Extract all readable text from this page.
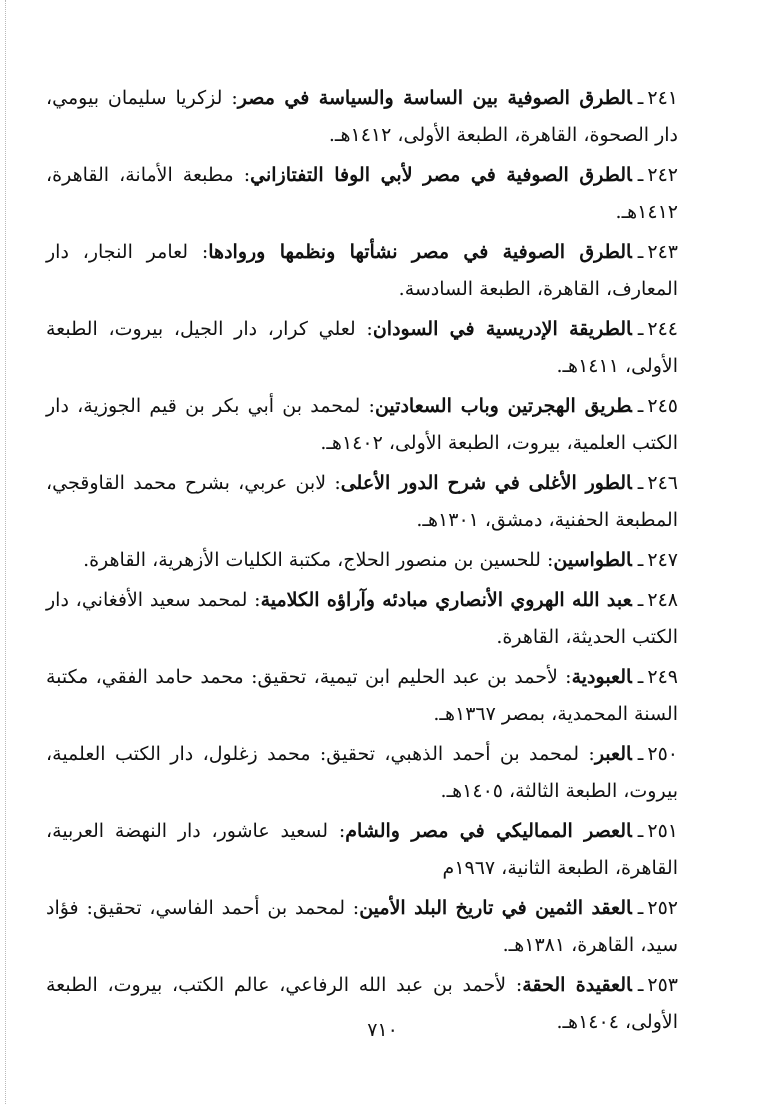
٢٤١ـالطرق الصوفية بين الساسة والسياسة في مصر: لزكريا سليمان بيومي، دار الصحوة، القاهرة، الطبعة الأولى، ١٤١٢هـ.
٢٤٢ـالطرق الصوفية في مصر لأبي الوفا التفتازاني: مطبعة الأمانة، القاهرة، ١٤١٢هـ.
٢٤٣ـالطرق الصوفية في مصر نشأتها ونظمها وروادها: لعامر النجار، دار المعارف، القاهرة، الطبعة السادسة.
٢٤٤ـالطريقة الإدريسية في السودان: لعلي كرار، دار الجيل، بيروت، الطبعة الأولى، ١٤١١هـ.
٢٤٥ـطريق الهجرتين وباب السعادتين: لمحمد بن أبي بكر بن قيم الجوزية، دار الكتب العلمية، بيروت، الطبعة الأولى، ١٤٠٢هـ.
٢٤٦ـالطور الأغلى في شرح الدور الأعلى: لابن عربي، بشرح محمد القاوقجي، المطبعة الحفنية، دمشق، ١٣٠١هـ.
٢٤٧ـالطواسين: للحسين بن منصور الحلاج، مكتبة الكليات الأزهرية، القاهرة.
٢٤٨ـعبد الله الهروي الأنصاري مبادئه وآراؤه الكلامية: لمحمد سعيد الأفغاني، دار الكتب الحديثة، القاهرة.
٢٤٩ـالعبودية: لأحمد بن عبد الحليم ابن تيمية، تحقيق: محمد حامد الفقي، مكتبة السنة المحمدية، بمصر ١٣٦٧هـ.
٢٥٠ـالعبر: لمحمد بن أحمد الذهبي، تحقيق: محمد زغلول، دار الكتب العلمية، بيروت، الطبعة الثالثة، ١٤٠٥هـ.
٢٥١ـالعصر المماليكي في مصر والشام: لسعيد عاشور، دار النهضة العربية، القاهرة، الطبعة الثانية، ١٩٦٧م
٢٥٢ـالعقد الثمين في تاريخ البلد الأمين: لمحمد بن أحمد الفاسي، تحقيق: فؤاد سيد، القاهرة، ١٣٨١هـ.
٢٥٣ـالعقيدة الحقة: لأحمد بن عبد الله الرفاعي، عالم الكتب، بيروت، الطبعة الأولى، ١٤٠٤هـ.
٧١٠
